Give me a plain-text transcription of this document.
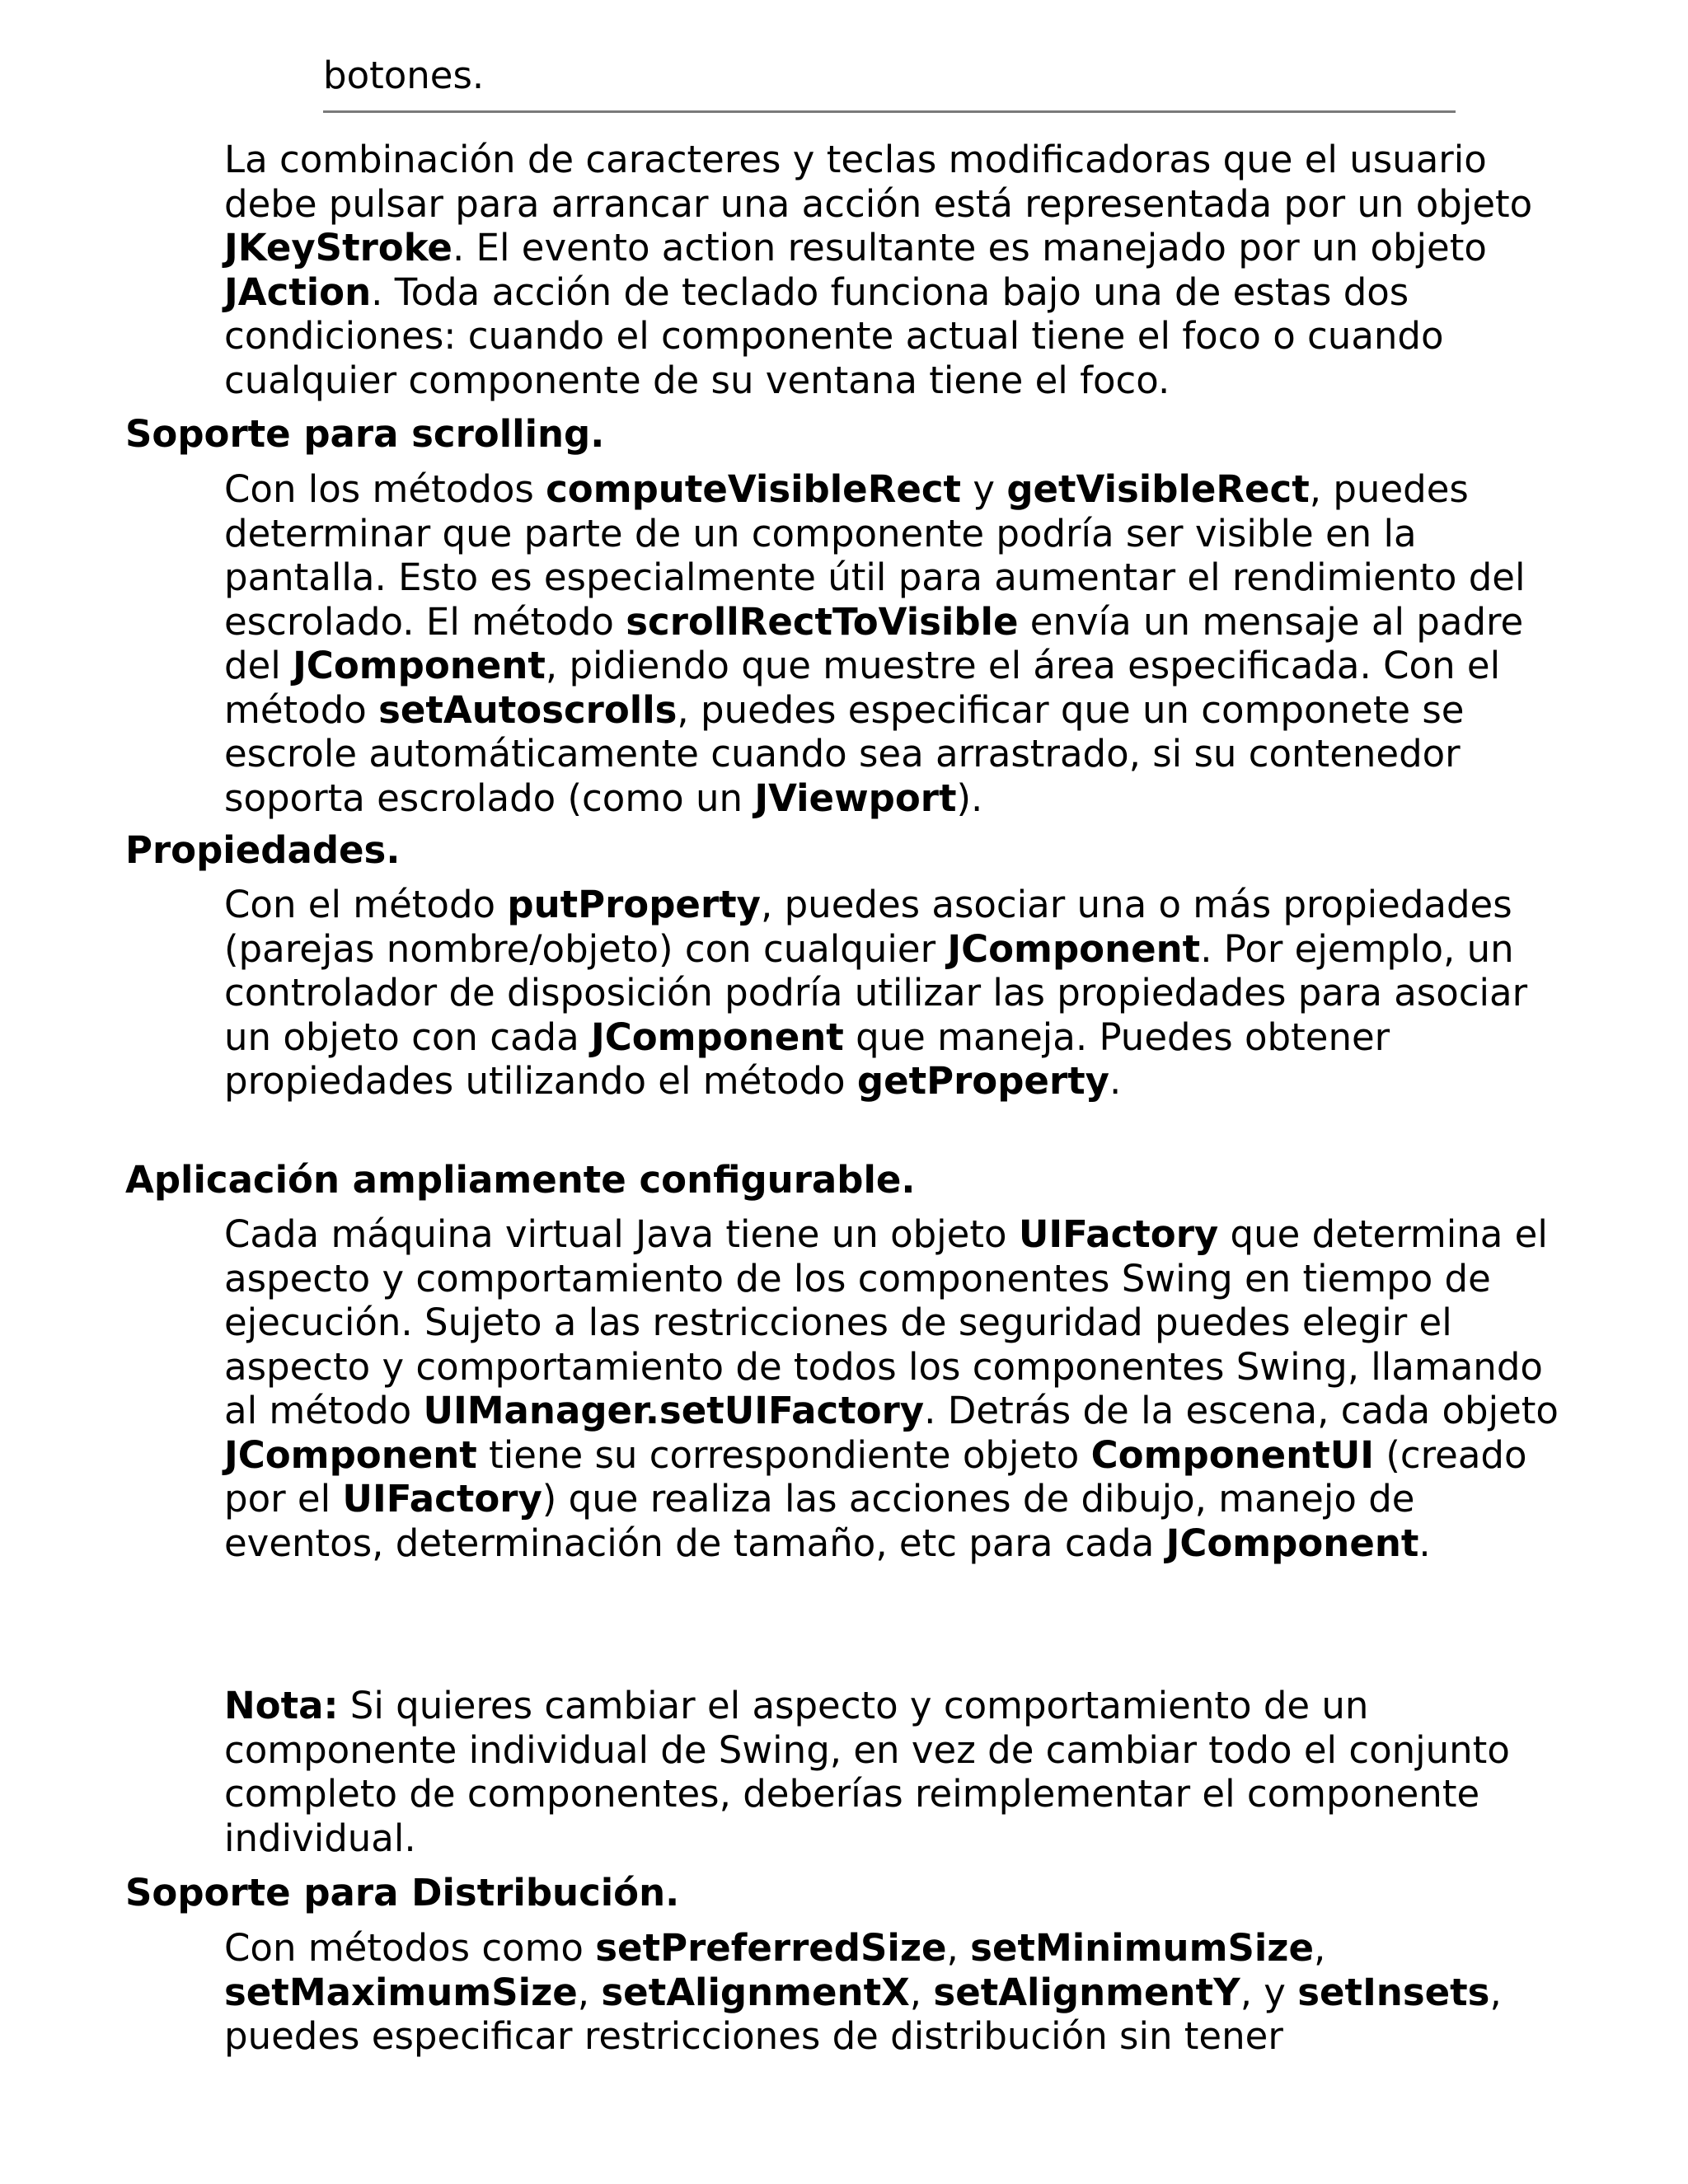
botones.

La combinación de caracteres y teclas modificadoras que el usuario debe pulsar para arrancar una acción está representada por un objeto JKeyStroke. El evento action resultante es manejado por un objeto JAction. Toda acción de teclado funciona bajo una de estas dos condiciones: cuando el componente actual tiene el foco o cuando cualquier componente de su ventana tiene el foco.

Soporte para scrolling.

Con los métodos computeVisibleRect y getVisibleRect, puedes determinar que parte de un componente podría ser visible en la pantalla. Esto es especialmente útil para aumentar el rendimiento del escrolado. El método scrollRectToVisible envía un mensaje al padre del JComponent, pidiendo que muestre el área especificada. Con el método setAutoscrolls, puedes especificar que un componete se escrole automáticamente cuando sea arrastrado, si su contenedor soporta escrolado (como un JViewport).

Propiedades.

Con el método putProperty, puedes asociar una o más propiedades (parejas nombre/objeto) con cualquier JComponent. Por ejemplo, un controlador de disposición podría utilizar las propiedades para asociar un objeto con cada JComponent que maneja. Puedes obtener propiedades utilizando el método getProperty.

Aplicación ampliamente configurable.

Cada máquina virtual Java tiene un objeto UIFactory que determina el aspecto y comportamiento de los componentes Swing en tiempo de ejecución. Sujeto a las restricciones de seguridad puedes elegir el aspecto y comportamiento de todos los componentes Swing, llamando al método UIManager.setUIFactory. Detrás de la escena, cada objeto JComponent tiene su correspondiente objeto ComponentUI (creado por el UIFactory) que realiza las acciones de dibujo, manejo de eventos, determinación de tamaño, etc para cada JComponent.

Nota: Si quieres cambiar el aspecto y comportamiento de un componente individual de Swing, en vez de cambiar todo el conjunto completo de componentes, deberías reimplementar el componente individual.

Soporte para Distribución.

Con métodos como setPreferredSize, setMinimumSize, setMaximumSize, setAlignmentX, setAlignmentY, y setInsets, puedes especificar restricciones de distribución sin tener
